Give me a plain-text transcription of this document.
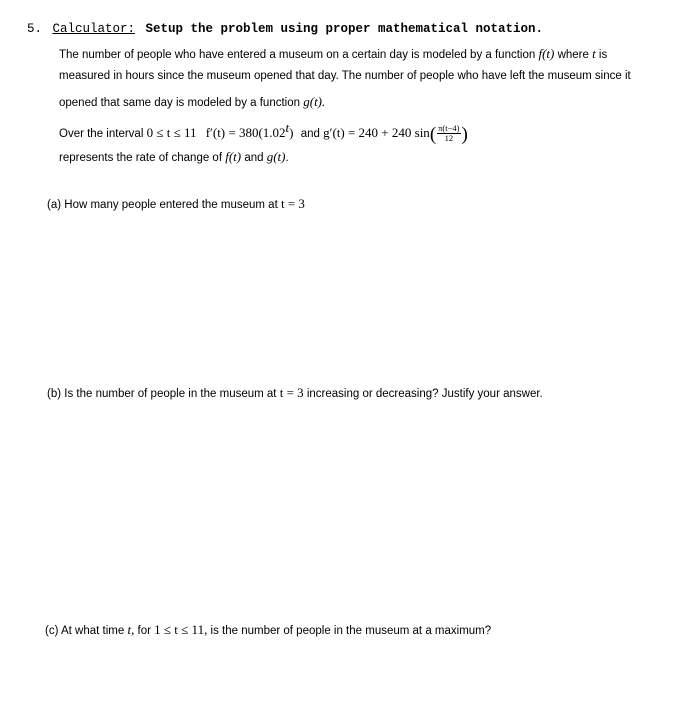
5. Calculator: Setup the problem using proper mathematical notation.
The number of people who have entered a museum on a certain day is modeled by a function f(t) where t is
measured in hours since the museum opened that day. The number of people who have left the museum since it
opened that same day is modeled by a function g(t).
Over the interval 0 ≤ t ≤ 11 $f'(t) = 380(1.02^t)$ and g′(t) = 240 + 240 $\sin( \frac{\pi(t-4)}{12}$ )
represents the rate of change of f(t) and g(t).
(a) How many people entered the museum at t = 3
(b) Is the number of people in the museum at t = 3 increasing or decreasing? Justify your answer.
(c) At what time t, for 1 ≤ t ≤ 11, is the number of people in the museum at a maximum?
